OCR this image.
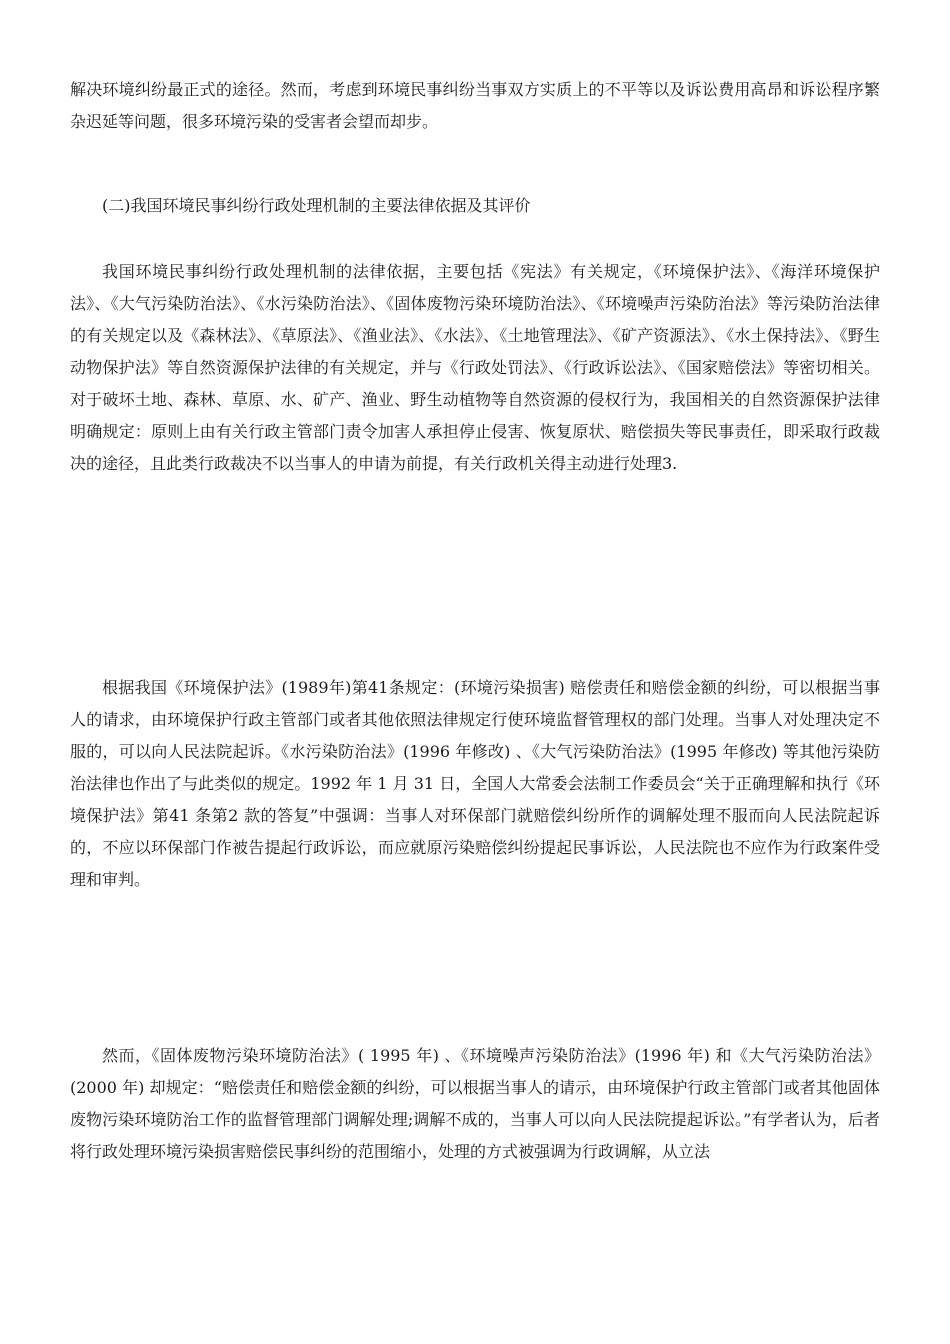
解决环境纠纷最正式的途径。然而，考虑到环境民事纠纷当事双方实质上的不平等以及诉讼费用高昂和诉讼程序繁杂迟延等问题，很多环境污染的受害者会望而却步。

(二)我国环境民事纠纷行政处理机制的主要法律依据及其评价

我国环境民事纠纷行政处理机制的法律依据，主要包括《宪法》有关规定，《环境保护法》、《海洋环境保护法》、《大气污染防治法》、《水污染防治法》、《固体废物污染环境防治法》、《环境噪声污染防治法》等污染防治法律的有关规定以及《森林法》、《草原法》、《渔业法》、《水法》、《土地管理法》、《矿产资源法》、《水土保持法》、《野生动物保护法》等自然资源保护法律的有关规定，并与《行政处罚法》、《行政诉讼法》、《国家赔偿法》等密切相关。对于破坏土地、森林、草原、水、矿产、渔业、野生动植物等自然资源的侵权行为，我国相关的自然资源保护法律明确规定：原则上由有关行政主管部门责令加害人承担停止侵害、恢复原状、赔偿损失等民事责任，即采取行政裁决的途径，且此类行政裁决不以当事人的申请为前提，有关行政机关得主动进行处理3.

根据我国《环境保护法》(1989年)第41条规定：(环境污染损害) 赔偿责任和赔偿金额的纠纷，可以根据当事人的请求，由环境保护行政主管部门或者其他依照法律规定行使环境监督管理权的部门处理。当事人对处理决定不服的，可以向人民法院起诉。《水污染防治法》(1996 年修改) 、《大气污染防治法》(1995 年修改) 等其他污染防治法律也作出了与此类似的规定。1992 年 1 月 31 日，全国人大常委会法制工作委员会“关于正确理解和执行《环境保护法》第41 条第2 款的答复”中强调：当事人对环保部门就赔偿纠纷所作的调解处理不服而向人民法院起诉的，不应以环保部门作被告提起行政诉讼，而应就原污染赔偿纠纷提起民事诉讼，人民法院也不应作为行政案件受理和审判。

然而，《固体废物污染环境防治法》( 1995 年) 、《环境噪声污染防治法》(1996 年) 和《大气污染防治法》(2000 年) 却规定：“赔偿责任和赔偿金额的纠纷，可以根据当事人的请示，由环境保护行政主管部门或者其他固体废物污染环境防治工作的监督管理部门调解处理;调解不成的，当事人可以向人民法院提起诉讼。”有学者认为，后者将行政处理环境污染损害赔偿民事纠纷的范围缩小，处理的方式被强调为行政调解，从立法
